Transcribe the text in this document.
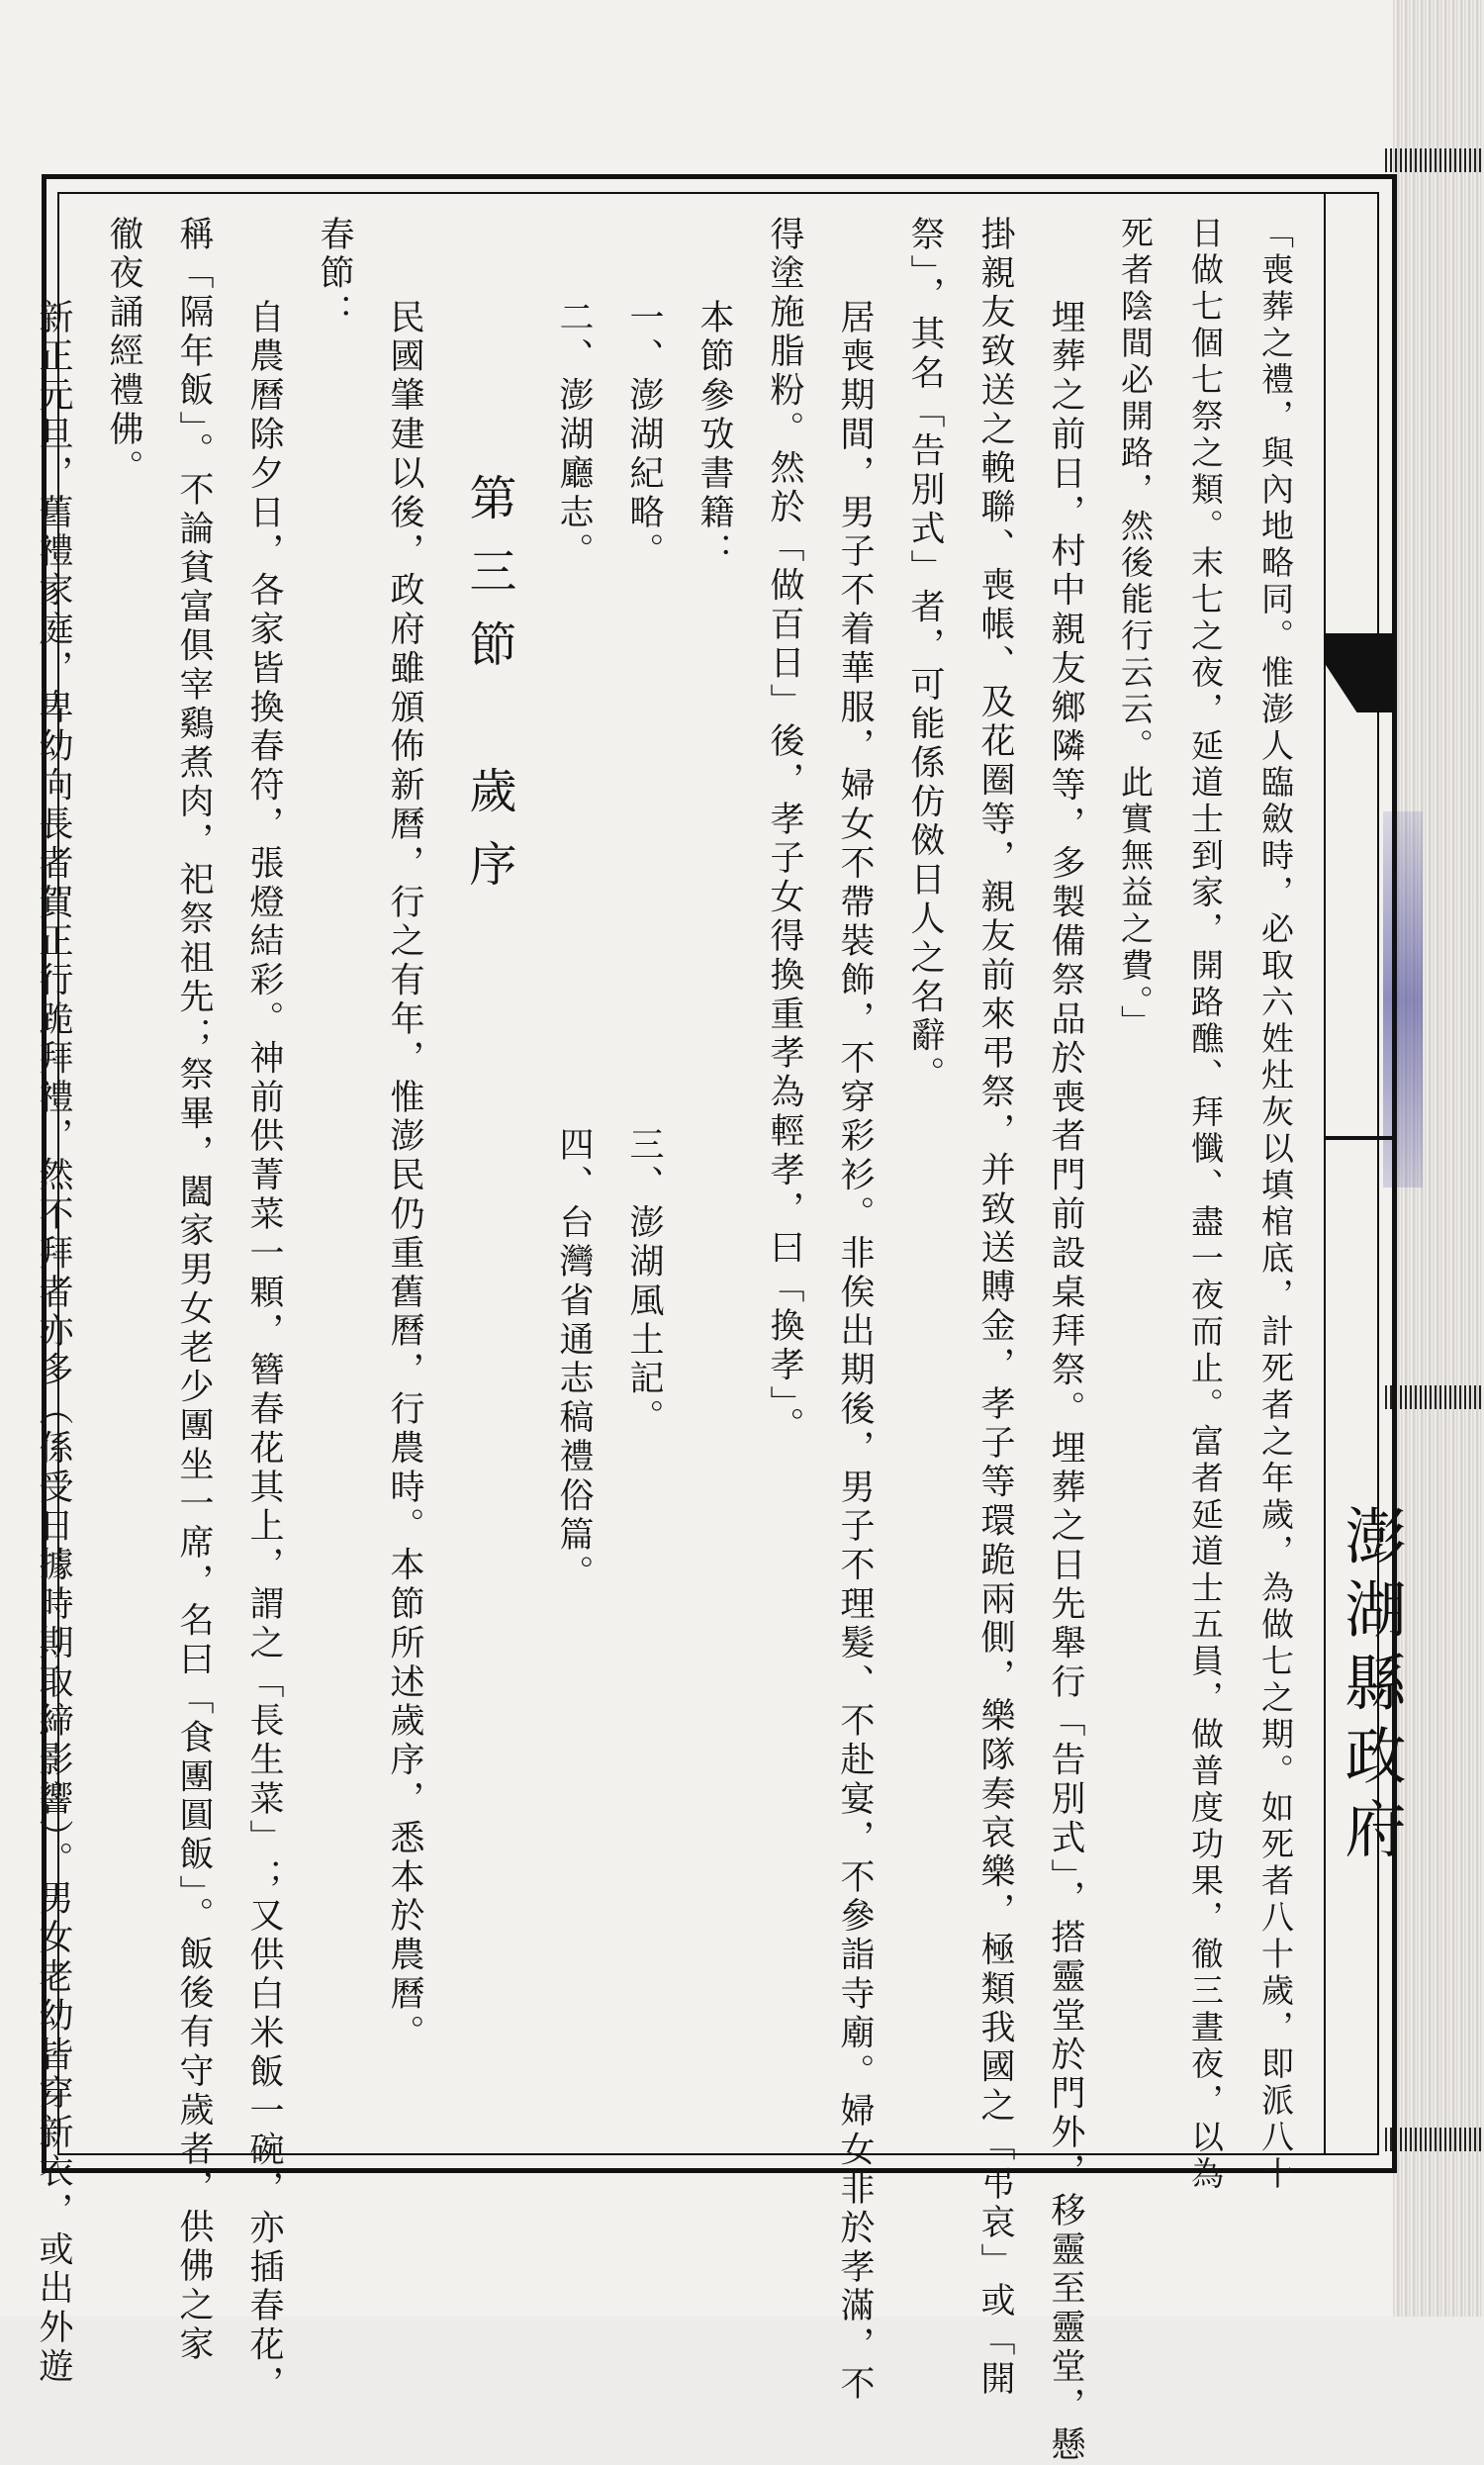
澎湖縣政府
「喪葬之禮，與內地略同。惟澎人臨斂時，必取六姓灶灰以填棺底，計死者之年歲，為做七之期。如死者八十歲，即派八十
日做七個七祭之類。末七之夜，延道士到家，開路醮、拜懺、盡一夜而止。富者延道士五員，做普度功果，徹三晝夜，以為
死者陰間必開路，然後能行云云。此實無益之費。」
埋葬之前日，村中親友鄉隣等，多製備祭品於喪者門前設桌拜祭。埋葬之日先舉行「告別式」，搭靈堂於門外，移靈至靈堂，懸
掛親友致送之輓聯、喪帳、及花圈等，親友前來弔祭，并致送賻金，孝子等環跪兩側，樂隊奏哀樂，極類我國之「弔哀」或「開
祭」，其名「告別式」者，可能係仿傚日人之名辭。
居喪期間，男子不着華服，婦女不帶裝飾，不穿彩衫。非俟出期後，男子不理髮、不赴宴，不參詣寺廟。婦女非於孝滿，不
得塗施脂粉。然於「做百日」後，孝子女得換重孝為輕孝，曰「換孝」。
本節參攷書籍：
一、澎湖紀略。三、澎湖風土記。
二、澎湖廳志。四、台灣省通志稿禮俗篇。
第三節　歲序
民國肇建以後，政府雖頒佈新曆，行之有年，惟澎民仍重舊曆，行農時。本節所述歲序，悉本於農曆。
春節：
自農曆除夕日，各家皆換春符，張燈結彩。神前供菁菜一顆，簪春花其上，謂之「長生菜」；又供白米飯一碗，亦插春花，
稱「隔年飯」。不論貧富俱宰鷄煮肉，祀祭祖先；祭畢，闔家男女老少團坐一席，名曰「食團圓飯」。飯後有守歲者，供佛之家
徹夜誦經禮佛。
新正元旦，舊禮家庭，卑幼向長者賀正行跪拜禮，然不拜者亦多（係受日據時期取締影響）。男女老幼皆穿新衣，或出外遊
